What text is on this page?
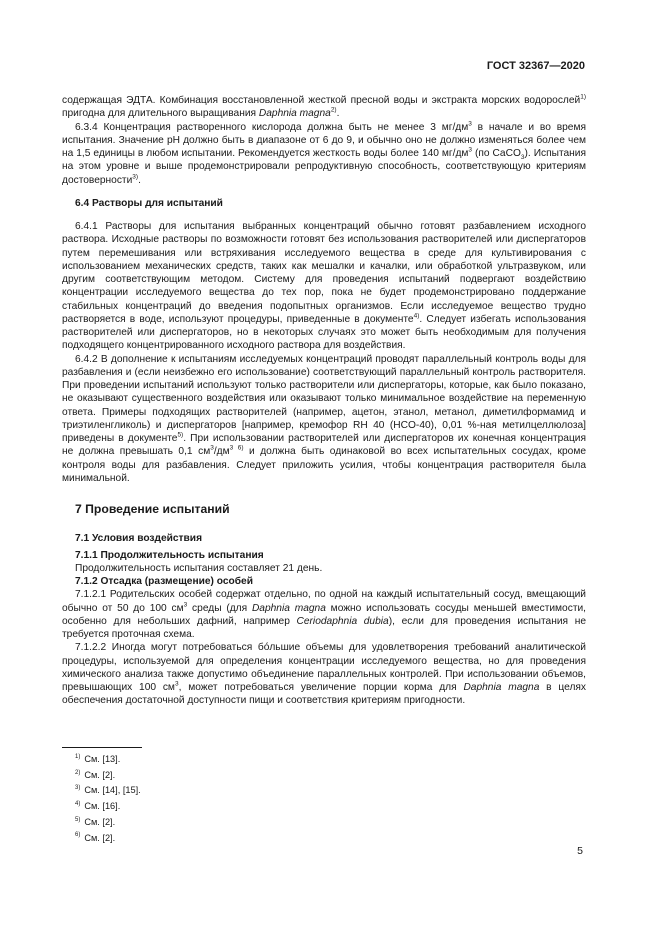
ГОСТ 32367—2020

содержащая ЭДТА. Комбинация восстановленной жесткой пресной воды и экстракта морских водорослей$^{1)}$ пригодна для длительного выращивания Daphnia magna$^{2)}$.

6.3.4 Концентрация растворенного кислорода должна быть не менее 3 $мг/дм^3$ в начале и во время испытания. Значение pH должно быть в диапазоне от 6 до 9, и обычно оно не должно изменяться более чем на 1,5 единицы в любом испытании. Рекомендуется жесткость воды более 140 $мг/дм^3$ (по CaCO$_3$). Испытания на этом уровне и выше продемонстрировали репродуктивную способность, соответствующую критериям достоверности$^{3)}$.

6.4 Растворы для испытаний

6.4.1 Растворы для испытания выбранных концентраций обычно готовят разбавлением исходного раствора. Исходные растворы по возможности готовят без использования растворителей или диспергаторов путем перемешивания или встряхивания исследуемого вещества в среде для культивирования с использованием механических средств, таких как мешалки и качалки, или обработкой ультразвуком, или другим соответствующим методом. Систему для проведения испытаний подвергают воздействию концентрации исследуемого вещества до тех пор, пока не будет продемонстрировано поддержание стабильных концентраций до введения подопытных организмов. Если исследуемое вещество трудно растворяется в воде, используют процедуры, приведенные в документе$^{4)}$. Следует избегать использования растворителей или диспергаторов, но в некоторых случаях это может быть необходимым для получения подходящего концентрированного исходного раствора для воздействия.

6.4.2 В дополнение к испытаниям исследуемых концентраций проводят параллельный контроль воды для разбавления и (если неизбежно его использование) соответствующий параллельный контроль растворителя. При проведении испытаний используют только растворители или диспергаторы, которые, как было показано, не оказывают существенного воздействия или оказывают только минимальное воздействие на переменную ответа. Примеры подходящих растворителей (например, ацетон, этанол, метанол, диметилформамид и триэтиленгликоль) и диспергаторов [например, кремофор RH 40 (HCO-40), 0,01 %-ная метилцеллюлоза] приведены в документе$^{5)}$. При использовании растворителей или диспергаторов их конечная концентрация не должна превышать 0,1 $см^3/дм^{3 6)}$ и должна быть одинаковой во всех испытательных сосудах, кроме контроля воды для разбавления. Следует приложить усилия, чтобы концентрация растворителя была минимальной.

7 Проведение испытаний

7.1 Условия воздействия

7.1.1 Продолжительность испытания

Продолжительность испытания составляет 21 день.

7.1.2 Отсадка (размещение) особей

7.1.2.1 Родительских особей содержат отдельно, по одной на каждый испытательный сосуд, вмещающий обычно от 50 до 100 $см^3$ среды (для Daphnia magna можно использовать сосуды меньшей вместимости, особенно для небольших дафний, например Ceriodaphnia dubia), если для проведения испытания не требуется проточная схема.

7.1.2.2 Иногда могут потребоваться бо́льшие объемы для удовлетворения требований аналитической процедуры, используемой для определения концентрации исследуемого вещества, но для проведения химического анализа также допустимо объединение параллельных контролей. При использовании объемов, превышающих 100 $см^3$, может потребоваться увеличение порции корма для Daphnia magna в целях обеспечения достаточной доступности пищи и соответствия критериям пригодности.

$^{1)}$ См. [13].
$^{2)}$ См. [2].
$^{3)}$ См. [14], [15].
$^{4)}$ См. [16].
$^{5)}$ См. [2].
$^{6)}$ См. [2].
5
